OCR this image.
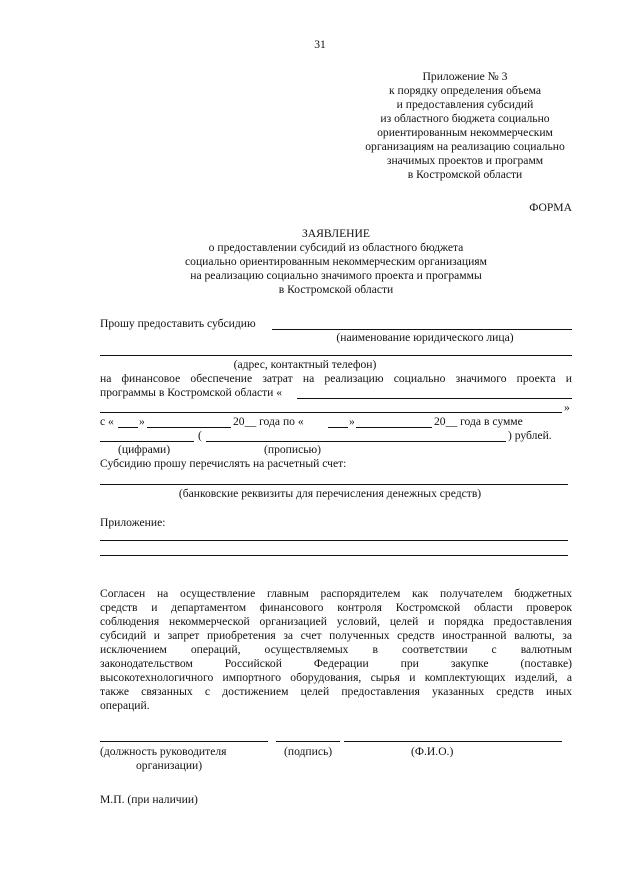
31
Приложение № 3
к порядку определения объема
и предоставления субсидий
из областного бюджета социально
ориентированным некоммерческим
организациям на реализацию социально
значимых проектов и программ
в Костромской области
ФОРМА
ЗАЯВЛЕНИЕ
о предоставлении субсидий из областного бюджета
социально ориентированным некоммерческим организациям
на реализацию социально значимого проекта и программы
в Костромской области
Прошу предоставить субсидию
(наименование юридического лица)
(адрес, контактный телефон)
на финансовое обеспечение затрат на реализацию социально значимого проекта и
программы в Костромской области «
»
с « »	20__ года по «	»	20__ года в сумме
(	) рублей.
(цифрами)	(прописью)
Субсидию прошу перечислять на расчетный счет:
(банковские реквизиты для перечисления денежных средств)
Приложение:
Согласен на осуществление главным распорядителем как получателем бюджетных
средств и департаментом финансового контроля Костромской области проверок
соблюдения некоммерческой организацией условий, целей и порядка предоставления
субсидий и запрет приобретения за счет полученных средств иностранной валюты, за
исключением операций, осуществляемых в соответствии с валютным
законодательством Российской Федерации при закупке (поставке)
высокотехнологичного импортного оборудования, сырья и комплектующих изделий, а
также связанных с достижением целей предоставления указанных средств иных
операций.
(должность руководителя
организации)
(подпись)	(Ф.И.О.)
М.П. (при наличии)
